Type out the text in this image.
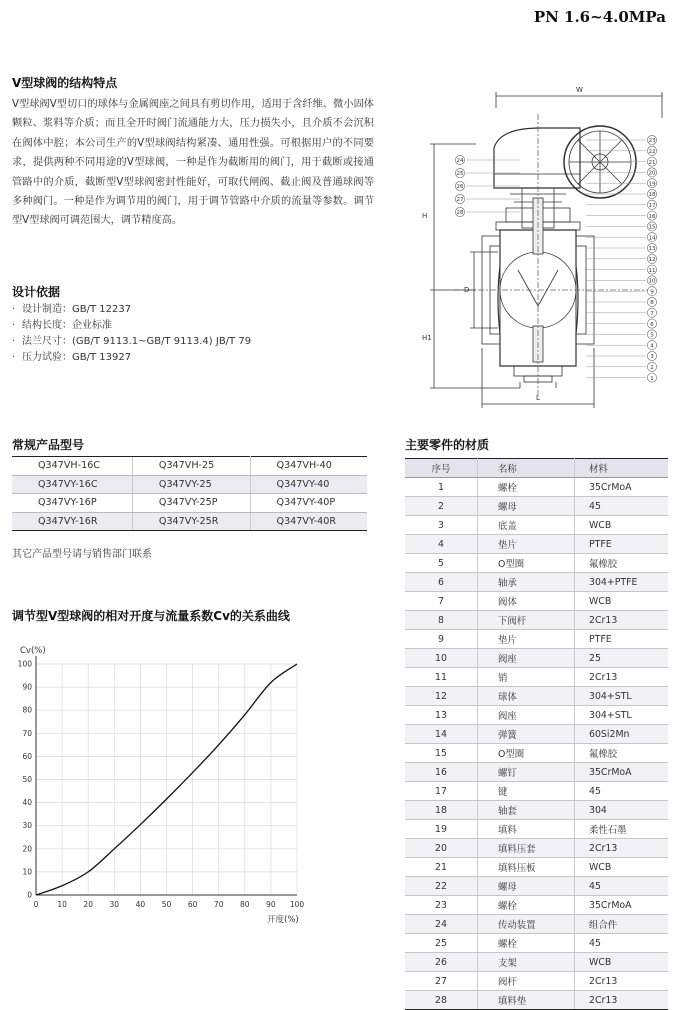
PN 1.6~4.0MPa
V型球阀的结构特点
V型球阀V型切口的球体与金属阀座之间具有剪切作用，适用于含纤维、微小固体颗粒、浆料等介质；而且全开时阀门流通能力大，压力损失小，且介质不会沉积在阀体中腔；本公司生产的V型球阀结构紧凑、通用性强。可根据用户的不同要求，提供两种不同用途的V型球阀，一种是作为截断用的阀门，用于截断或接通管路中的介质，截断型V型球阀密封性能好，可取代闸阀、截止阀及普通球阀等多种阀门。一种是作为调节用的阀门，用于调节管路中介质的流量等参数。调节型V型球阀可调范围大，调节精度高。
设计依据
· 设计制造：GB/T 12237
· 结构长度：企业标准
· 法兰尺寸：(GB/T 9113.1~GB/T 9113.4) JB/T 79
· 压力试验：GB/T 13927
W
H
H1
D
L
23
22
21
20
19
18
17
16
15
14
13
12
11
10
9
8
7
6
5
4
3
2
1
24
25
26
27
28
常规产品型号
Q347VH-16C	Q347VH-25	Q347VH-40
Q347VY-16C	Q347VY-25	Q347VY-40
Q347VY-16P	Q347VY-25P	Q347VY-40P
Q347VY-16R	Q347VY-25R	Q347VY-40R
其它产品型号请与销售部门联系
调节型V型球阀的相对开度与流量系数Cv的关系曲线
0	10 20 30 40 50 60 70 80 90 100
0
10
20
30
40
50
60
70
80
90
100
Cv(%)
开度(%)
主要零件的材质
序号	名称	材料
1	螺栓	35CrMoA
2	螺母	45
3	底盖	WCB
4	垫片	PTFE
5	O型圈	氟橡胶
6	轴承	304+PTFE
7	阀体	WCB
8	下阀杆	2Cr13
9	垫片	PTFE
10	阀座	25
11	销	2Cr13
12	球体	304+STL
13	阀座	304+STL
14	弹簧	60Si2Mn
15	O型圈	氟橡胶
16	螺钉	35CrMoA
17	键	45
18	轴套	304
19	填料	柔性石墨
20	填料压套	2Cr13
21	填料压板	WCB
22	螺母	45
23	螺栓	35CrMoA
24	传动装置	组合件
25	螺栓	45
26	支架	WCB
27	阀杆	2Cr13
28	填料垫	2Cr13
